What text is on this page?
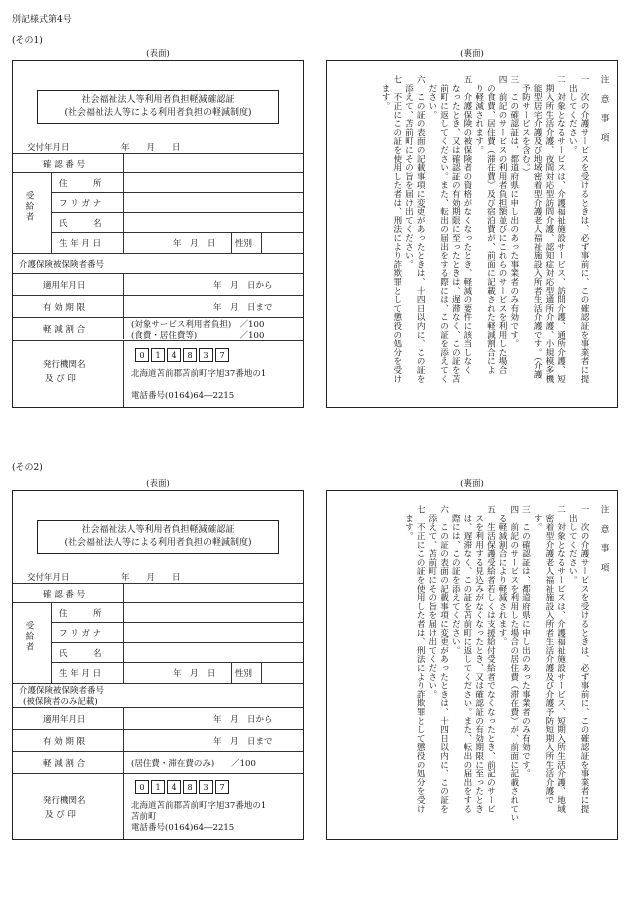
別記様式第4号
(その1)
(表面)	(裏面)
社会福祉法人等利用者負担軽減確認証
(社会福祉法人等による利用者負担の軽減制度)
交付年月日	年　　月　　日
確 認 番 号
受給者
住　　　所
フ リ ガ ナ
氏　　　名
生 年 月 日	年　月　日 性別
介護保険被保険者番号
適用年月日	年　月　日から
有 効 期 限	年　月　日まで
軽 減 割 合	(対象サービス利用者負担)　／100
(食費・居住費等)　　　　　／100
発行機関名
及 び 印
0	1	4	8	3	7
北海道苫前郡苫前町字旭37番地の1
電話番号(0164)64―2215
注 意 事 項
一　次の介護サービスを受けるときは、必ず事前に、この確認証を事業者に提
　出してください。
二　対象となるサービスは、介護福祉施設サービス、訪問介護、通所介護、短
　期入所生活介護、夜間対応型訪問介護、認知症対応型通所介護、小規模多機
　能型居宅介護及び地域密着型介護老人福祉施設入所者生活介護です。（介護
　予防サービスを含む。）
三　この確認証は、都道府県に申し出のあった事業者のみ有効です。
四　前記のサービスの利用者負担額並びにこれらのサービスを利用した場合
　の食費、居住費（滞在費）及び宿泊費が、前面に記載された軽減割合によ
　り軽減されます。
五　介護保険の被保険者の資格がなくなったとき、軽減の要件に該当しなく
　なったとき、又は確認証の有効期限に至ったときは、遅滞なく、この証を苫
　前町に返してください。また、転出の届出をする際には、この証を添えてく
　ださい。
六　この証の表面の記載事項に変更があったときは、十四日以内に、この証を
　添えて、苫前町にその旨を届け出てください。
七　不正にこの証を使用した者は、刑法により詐欺罪として懲役の処分を受け
　ます。
(その2)
(表面)	(裏面)
社会福祉法人等利用者負担軽減確認証
(社会福祉法人等による利用者負担の軽減制度)
交付年月日	年　　月　　日
確 認 番 号
受給者
住　　　所
フ リ ガ ナ
氏　　　名
生 年 月 日	年　月　日 性別
介護保険被保険者番号
(被保険者のみ記載)
適用年月日	年　月　日から
有 効 期 限	年　月　日まで
軽 減 割 合	(居住費・滞在費のみ)　　／100
発行機関名
及 び 印
0	1	4	8	3	7
北海道苫前郡苫前町字旭37番地の1
苫前町
電話番号(0164)64―2215
注 意 事 項
一　次の介護サービスを受けるときは、必ず事前に、この確認証を事業者に提
　出してください。
二　対象となるサービスは、介護福祉施設サービス、短期入所生活介護、地域
　密着型介護老人福祉施設入所者生活介護及び介護予防短期入所生活介護で
　す。
三　この確認証は、都道府県に申し出のあった事業者のみ有効です。
四　前記のサービスを利用した場合の居住費（滞在費）が、前面に記載されてい
　る軽減割合により軽減されます。
五　生活保護受給者若しくは支援給付受給者でなくなったとき、前記のサービ
　スを利用する見込みがなくなったとき、又は確認証の有効期限に至ったとき
　は、遅滞なく、この証を苫前町に返してください。また、転出の届出をする
　際には、この証を添えてください。
六　この証の表面の記載事項に変更があったときは、十四日以内に、この証を
　添えて、苫前町にその旨を届け出てください。
七　不正にこの証を使用した者は、刑法により詐欺罪として懲役の処分を受け
　ます。
